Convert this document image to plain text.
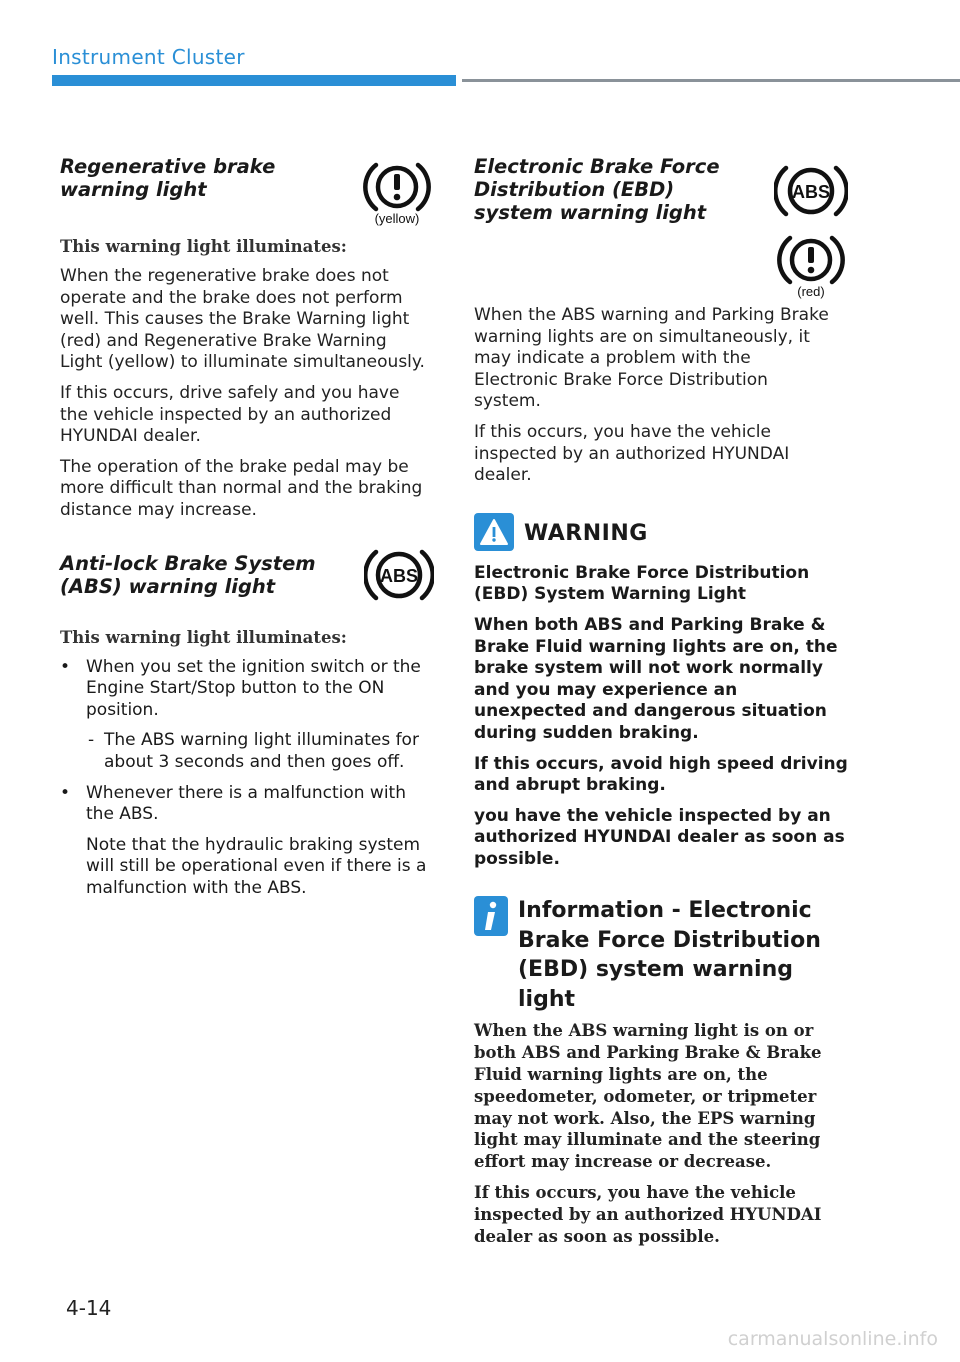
Instrument Cluster
Regenerative brake warning light
(yellow)
This warning light illuminates:

When the regenerative brake does not operate and the brake does not perform well. This causes the Brake Warning light (red) and Regenerative Brake Warning Light (yellow) to illuminate simultaneously.

If this occurs, drive safely and you have the vehicle inspected by an authorized HYUNDAI dealer.

The operation of the brake pedal may be more difficult than normal and the braking distance may increase.

Anti-lock Brake System (ABS) warning light	ABS
This warning light illuminates:
• When you set the ignition switch or the Engine Start/Stop button to the ON position.
- The ABS warning light illuminates for about 3 seconds and then goes off.
• Whenever there is a malfunction with the ABS.
Note that the hydraulic braking system will still be operational even if there is a malfunction with the ABS.
Electronic Brake Force Distribution (EBD) system warning light
ABS
(red)

When the ABS warning and Parking Brake warning lights are on simultaneously, it may indicate a problem with the Electronic Brake Force Distribution system.

If this occurs, you have the vehicle inspected by an authorized HYUNDAI dealer.

WARNING
Electronic Brake Force Distribution (EBD) System Warning Light
When both ABS and Parking Brake & Brake Fluid warning lights are on, the brake system will not work normally and you may experience an unexpected and dangerous situation during sudden braking.
If this occurs, avoid high speed driving and abrupt braking.
you have the vehicle inspected by an authorized HYUNDAI dealer as soon as possible.
Information - Electronic Brake Force Distribution (EBD) system warning light
When the ABS warning light is on or both ABS and Parking Brake & Brake Fluid warning lights are on, the speedometer, odometer, or tripmeter may not work. Also, the EPS warning light may illuminate and the steering effort may increase or decrease.
If this occurs, you have the vehicle inspected by an authorized HYUNDAI dealer as soon as possible.
4-14
carmanualsonline.info
